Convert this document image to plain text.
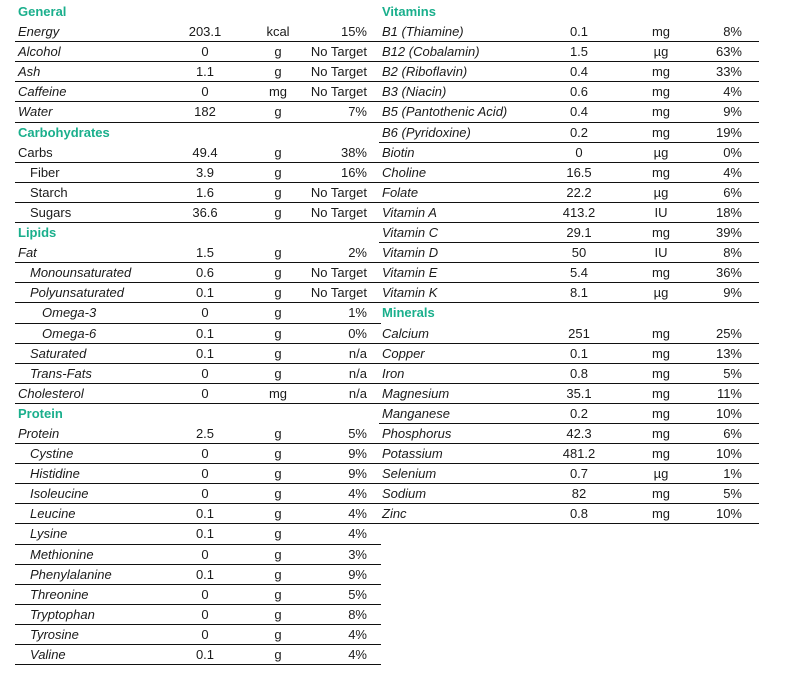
General
Energy	203.1	kcal	15%
Alcohol	0	g	No Target
Ash	1.1	g	No Target
Caffeine	0	mg	No Target
Water	182	g	7%
Carbohydrates
Carbs	49.4	g	38%
Fiber	3.9	g	16%
Starch	1.6	g	No Target
Sugars	36.6	g	No Target
Lipids
Fat	1.5	g	2%
Monounsaturated	0.6	g	No Target
Polyunsaturated	0.1	g	No Target
Omega-3	0	g	1%
Omega-6	0.1	g	0%
Saturated	0.1	g	n/a
Trans-Fats	0	g	n/a
Cholesterol	0	mg	n/a
Protein
Protein	2.5	g	5%
Cystine	0	g	9%
Histidine	0	g	9%
Isoleucine	0	g	4%
Leucine	0.1	g	4%
Lysine	0.1	g	4%
Methionine	0	g	3%
Phenylalanine	0.1	g	9%
Threonine	0	g	5%
Tryptophan	0	g	8%
Tyrosine	0	g	4%
Valine	0.1	g	4%
Vitamins
B1 (Thiamine)	0.1	mg	8%
B12 (Cobalamin)	1.5	µg	63%
B2 (Riboflavin)	0.4	mg	33%
B3 (Niacin)	0.6	mg	4%
B5 (Pantothenic Acid)	0.4	mg	9%
B6 (Pyridoxine)	0.2	mg	19%
Biotin	0	µg	0%
Choline	16.5	mg	4%
Folate	22.2	µg	6%
Vitamin A	413.2	IU	18%
Vitamin C	29.1	mg	39%
Vitamin D	50	IU	8%
Vitamin E	5.4	mg	36%
Vitamin K	8.1	µg	9%
Minerals
Calcium	251	mg	25%
Copper	0.1	mg	13%
Iron	0.8	mg	5%
Magnesium	35.1	mg	11%
Manganese	0.2	mg	10%
Phosphorus	42.3	mg	6%
Potassium	481.2	mg	10%
Selenium	0.7	µg	1%
Sodium	82	mg	5%
Zinc	0.8	mg	10%
